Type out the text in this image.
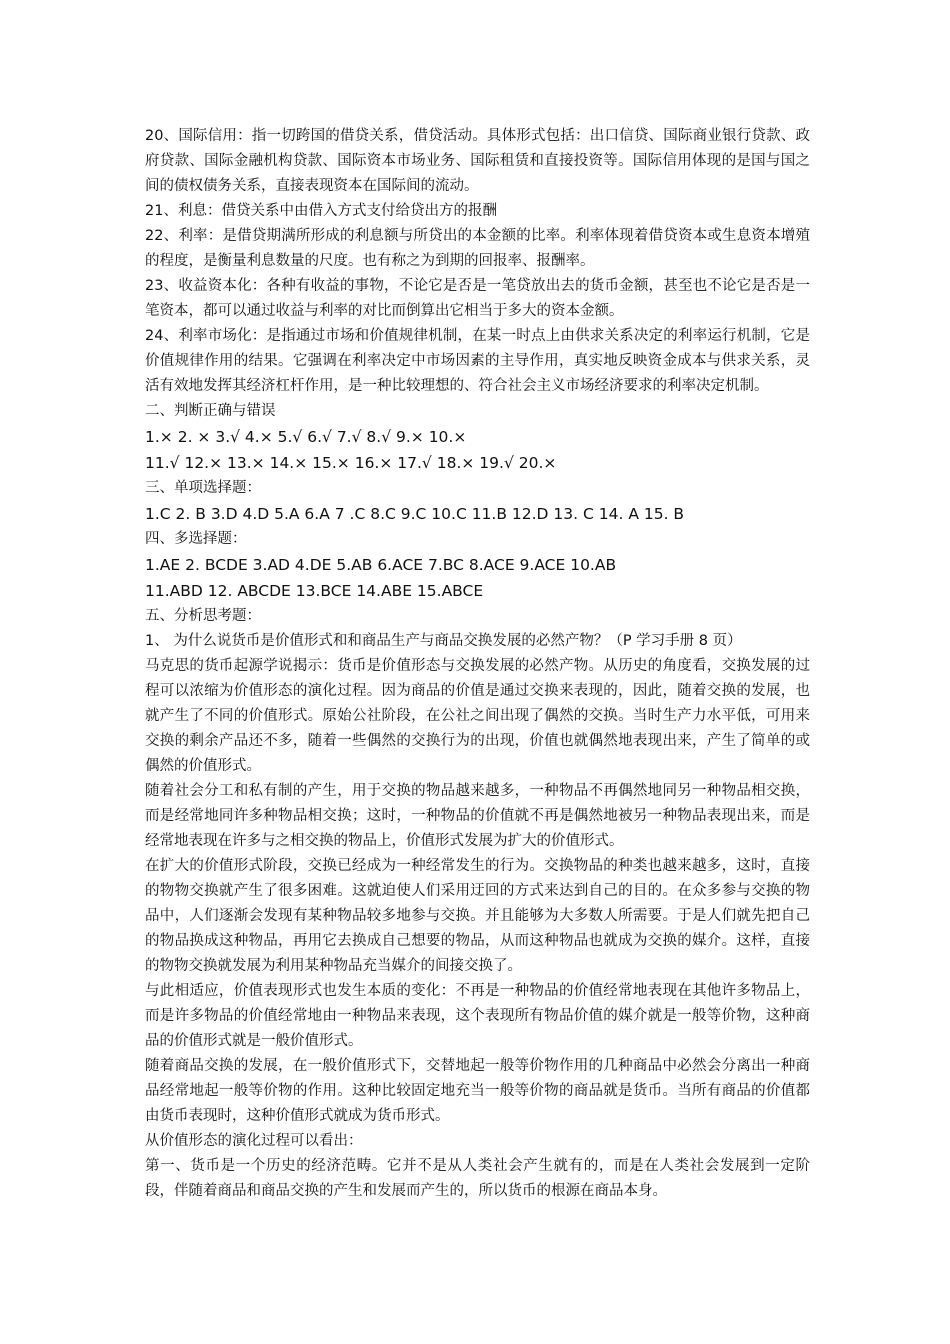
20、国际信用：指一切跨国的借贷关系，借贷活动。具体形式包括：出口信贷、国际商业银行贷款、政府贷款、国际金融机构贷款、国际资本市场业务、国际租赁和直接投资等。国际信用体现的是国与国之间的债权债务关系，直接表现资本在国际间的流动。

21、利息：借贷关系中由借入方式支付给贷出方的报酬

22、利率：是借贷期满所形成的利息额与所贷出的本金额的比率。利率体现着借贷资本或生息资本增殖的程度，是衡量利息数量的尺度。也有称之为到期的回报率、报酬率。

23、收益资本化：各种有收益的事物，不论它是否是一笔贷放出去的货币金额，甚至也不论它是否是一笔资本，都可以通过收益与利率的对比而倒算出它相当于多大的资本金额。

24、利率市场化：是指通过市场和价值规律机制，在某一时点上由供求关系决定的利率运行机制，它是价值规律作用的结果。它强调在利率决定中市场因素的主导作用，真实地反映资金成本与供求关系，灵活有效地发挥其经济杠杆作用，是一种比较理想的、符合社会主义市场经济要求的利率决定机制。

二、判断正确与错误

1.× 2. × 3.√ 4.× 5.√ 6.√ 7.√ 8.√ 9.× 10.×

11.√ 12.× 13.× 14.× 15.× 16.× 17.√ 18.× 19.√ 20.×

三、单项选择题：

1.C 2. B 3.D 4.D 5.A 6.A 7 .C 8.C 9.C 10.C 11.B 12.D 13. C 14. A 15. B

四、多选择题：

1.AE 2. BCDE 3.AD 4.DE 5.AB 6.ACE 7.BC 8.ACE 9.ACE 10.AB

11.ABD 12. ABCDE 13.BCE 14.ABE 15.ABCE

五、分析思考题：

1、 为什么说货币是价值形式和和商品生产与商品交换发展的必然产物？（P 学习手册 8 页）

马克思的货币起源学说揭示：货币是价值形态与交换发展的必然产物。从历史的角度看，交换发展的过程可以浓缩为价值形态的演化过程。因为商品的价值是通过交换来表现的，因此，随着交换的发展，也就产生了不同的价值形式。原始公社阶段，在公社之间出现了偶然的交换。当时生产力水平低，可用来交换的剩余产品还不多，随着一些偶然的交换行为的出现，价值也就偶然地表现出来，产生了简单的或偶然的价值形式。

随着社会分工和私有制的产生，用于交换的物品越来越多，一种物品不再偶然地同另一种物品相交换，而是经常地同许多种物品相交换；这时，一种物品的价值就不再是偶然地被另一种物品表现出来，而是经常地表现在许多与之相交换的物品上，价值形式发展为扩大的价值形式。

在扩大的价值形式阶段，交换已经成为一种经常发生的行为。交换物品的种类也越来越多，这时，直接的物物交换就产生了很多困难。这就迫使人们采用迂回的方式来达到自己的目的。在众多参与交换的物品中，人们逐渐会发现有某种物品较多地参与交换。并且能够为大多数人所需要。于是人们就先把自己的物品换成这种物品，再用它去换成自己想要的物品，从而这种物品也就成为交换的媒介。这样，直接的物物交换就发展为利用某种物品充当媒介的间接交换了。

与此相适应，价值表现形式也发生本质的变化：不再是一种物品的价值经常地表现在其他许多物品上，而是许多物品的价值经常地由一种物品来表现，这个表现所有物品价值的媒介就是一般等价物，这种商品的价值形式就是一般价值形式。

随着商品交换的发展，在一般价值形式下，交替地起一般等价物作用的几种商品中必然会分离出一种商品经常地起一般等价物的作用。这种比较固定地充当一般等价物的商品就是货币。当所有商品的价值都由货币表现时，这种价值形式就成为货币形式。

从价值形态的演化过程可以看出：

第一、货币是一个历史的经济范畴。它并不是从人类社会产生就有的，而是在人类社会发展到一定阶段，伴随着商品和商品交换的产生和发展而产生的，所以货币的根源在商品本身。
